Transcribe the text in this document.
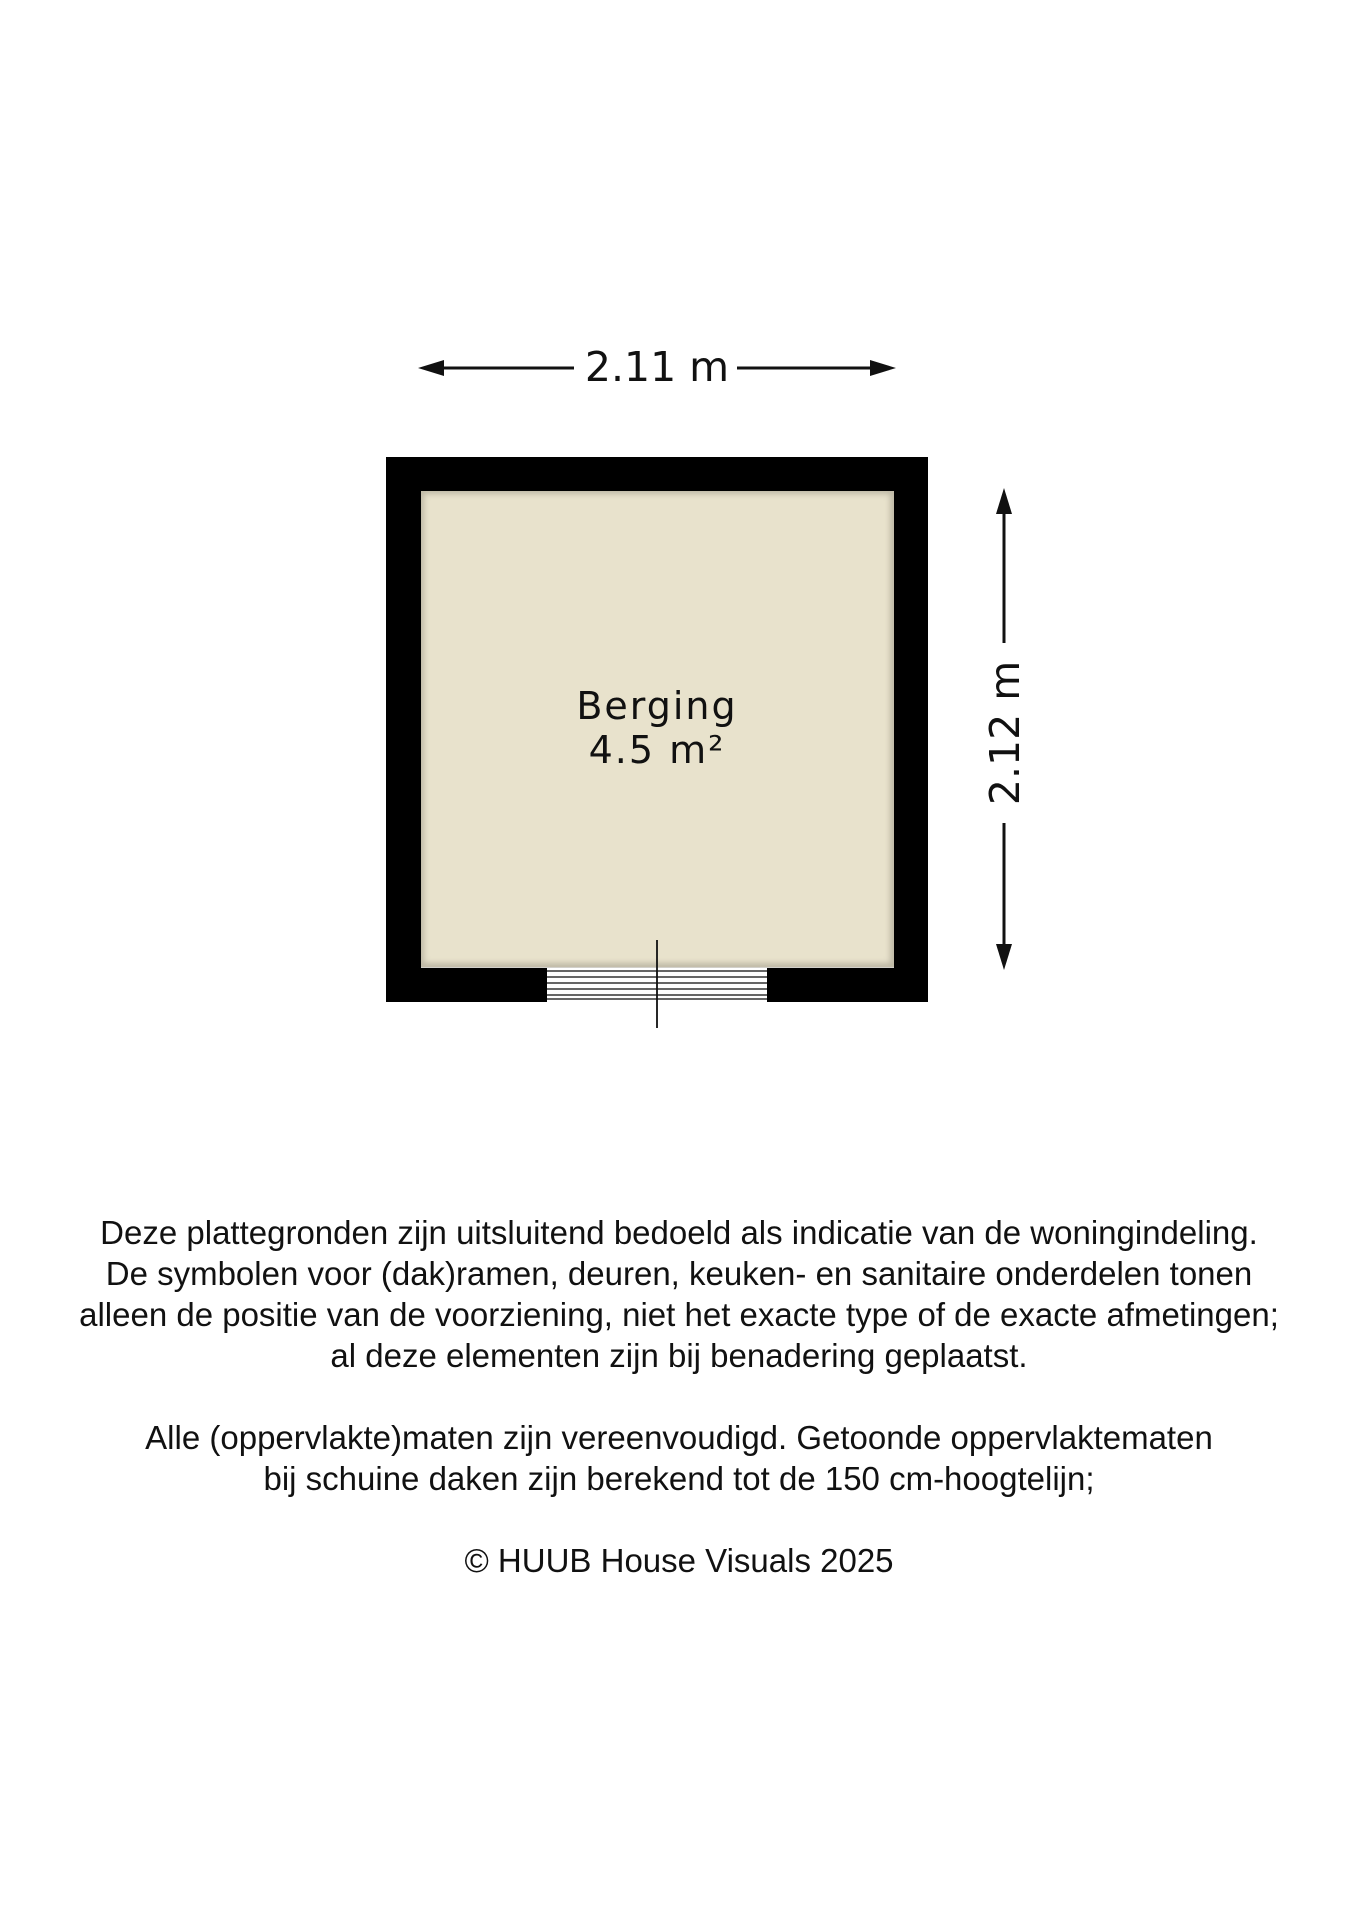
2.11 m
2.12 m
Berging
4.5 m²
Deze plattegronden zijn uitsluitend bedoeld als indicatie van de woningindeling.
De symbolen voor (dak)ramen, deuren, keuken- en sanitaire onderdelen tonen
alleen de positie van de voorziening, niet het exacte type of de exacte afmetingen;
al deze elementen zijn bij benadering geplaatst.
Alle (oppervlakte)maten zijn vereenvoudigd. Getoonde oppervlaktematen
bij schuine daken zijn berekend tot de 150 cm-hoogtelijn;
© HUUB House Visuals 2025
